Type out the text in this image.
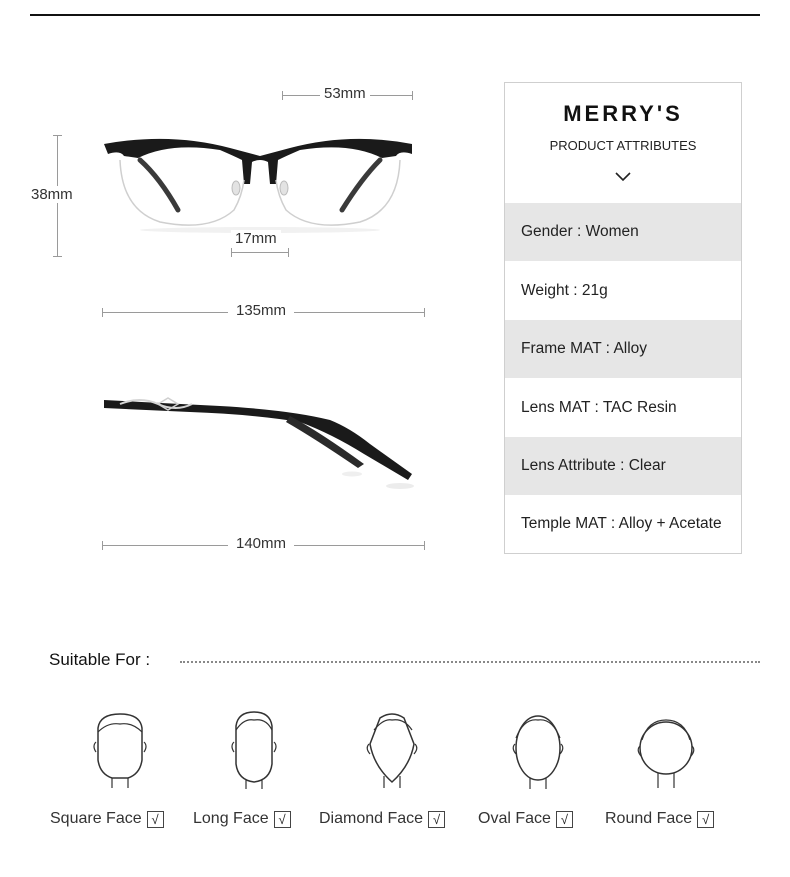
53mm
38mm
17mm
135mm
140mm
MERRY'S
PRODUCT ATTRIBUTES
Gender : Women
Weight : 21g
Frame MAT : Alloy
Lens MAT : TAC Resin
Lens Attribute : Clear
Temple MAT : Alloy + Acetate
Suitable For :
Square Face √	Long Face √	Diamond Face √	Oval Face √	Round Face √
